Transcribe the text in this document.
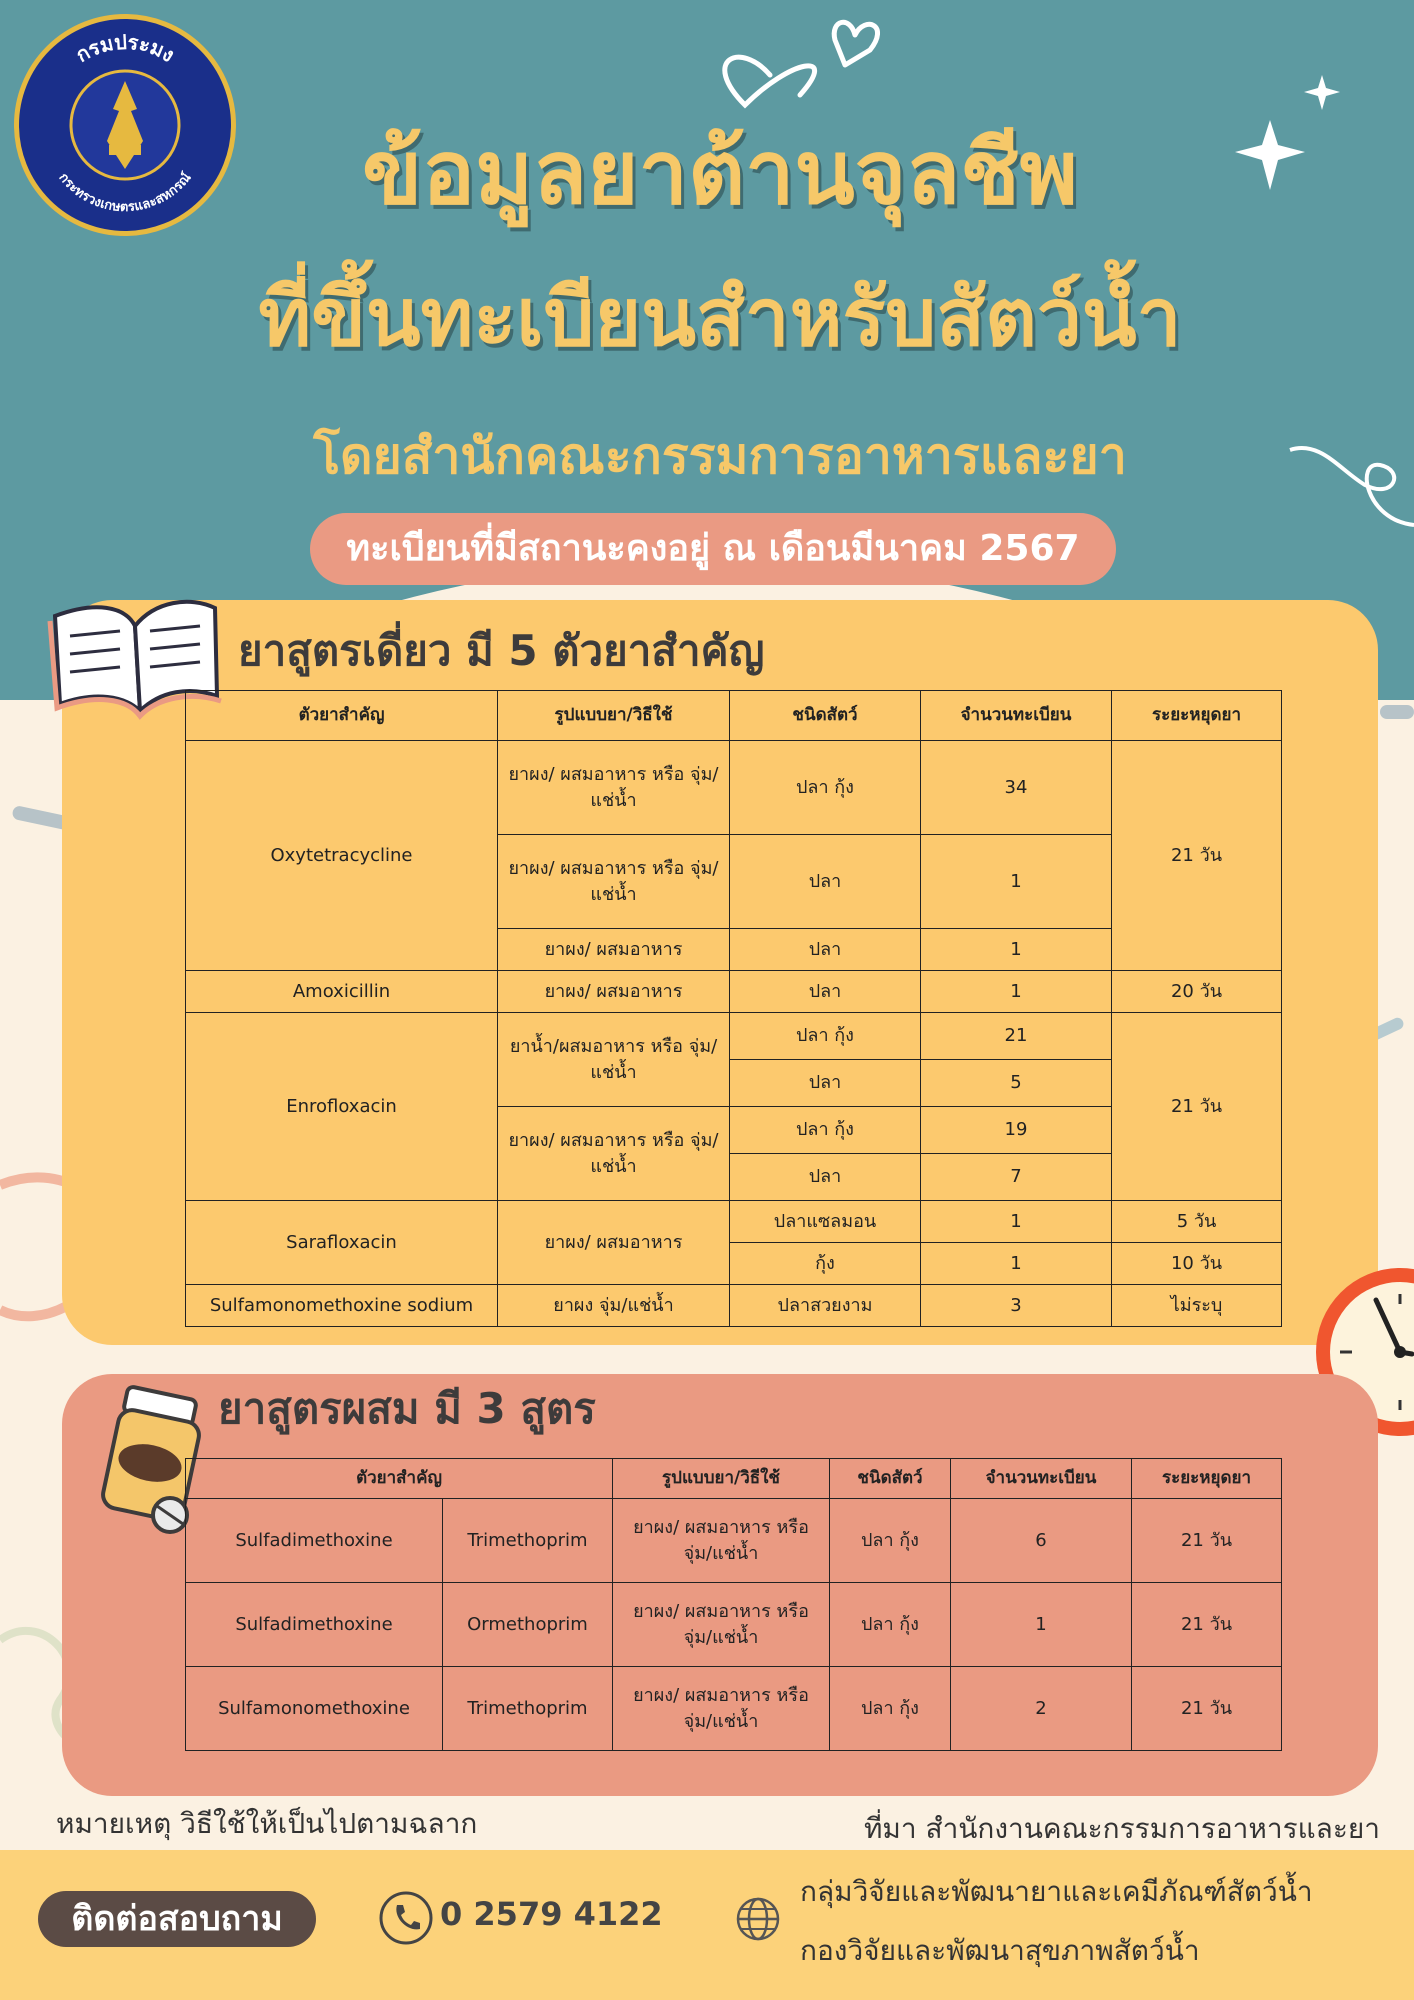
กรมประมง
กระทรวงเกษตรและสหกรณ์	ข้อมูลยาต้านจุลชีพ
ที่ขึ้นทะเบียนสำหรับสัตว์น้ำ
โดยสำนักคณะกรรมการอาหารและยา
ทะเบียนที่มีสถานะคงอยู่ ณ เดือนมีนาคม 2567
ยาสูตรเดี่ยว มี 5 ตัวยาสำคัญ
ตัวยาสำคัญ	รูปแบบยา/วิธีใช้	ชนิดสัตว์	จำนวนทะเบียน	ระยะหยุดยา
Oxytetracycline	ยาผง/ ผสมอาหาร หรือ จุ่ม/แช่น้ำ	ปลา กุ้ง	34	21 วัน
	ยาผง/ ผสมอาหาร หรือ จุ่ม/แช่น้ำ	ปลา	1	
	ยาผง/ ผสมอาหาร	ปลา	1	
Amoxicillin	ยาผง/ ผสมอาหาร	ปลา	1	20 วัน
Enrofloxacin	ยาน้ำ/ผสมอาหาร หรือ จุ่ม/แช่น้ำ	ปลา กุ้ง	21	21 วัน
		ปลา	5	
	ยาผง/ ผสมอาหาร หรือ จุ่ม/แช่น้ำ	ปลา กุ้ง	19	
		ปลา	7	
Sarafloxacin	ยาผง/ ผสมอาหาร	ปลาแซลมอน	1	5 วัน
		กุ้ง	1	10 วัน
Sulfamonomethoxine sodium	ยาผง จุ่ม/แช่น้ำ	ปลาสวยงาม	3	ไม่ระบุ
ยาสูตรผสม มี 3 สูตร
ตัวยาสำคัญ		รูปแบบยา/วิธีใช้	ชนิดสัตว์	จำนวนทะเบียน	ระยะหยุดยา
Sulfadimethoxine	Trimethoprim	ยาผง/ ผสมอาหาร หรือ จุ่ม/แช่น้ำ	ปลา กุ้ง	6	21 วัน
Sulfadimethoxine	Ormethoprim	ยาผง/ ผสมอาหาร หรือ จุ่ม/แช่น้ำ	ปลา กุ้ง	1	21 วัน
Sulfamonomethoxine	Trimethoprim	ยาผง/ ผสมอาหาร หรือ จุ่ม/แช่น้ำ	ปลา กุ้ง	2	21 วัน
หมายเหตุ วิธีใช้ให้เป็นไปตามฉลาก	ที่มา สำนักงานคณะกรรมการอาหารและยา
ติดต่อสอบถาม	0 2579 4122
กลุ่มวิจัยและพัฒนายาและเคมีภัณฑ์สัตว์น้ำ
กองวิจัยและพัฒนาสุขภาพสัตว์น้ำ
